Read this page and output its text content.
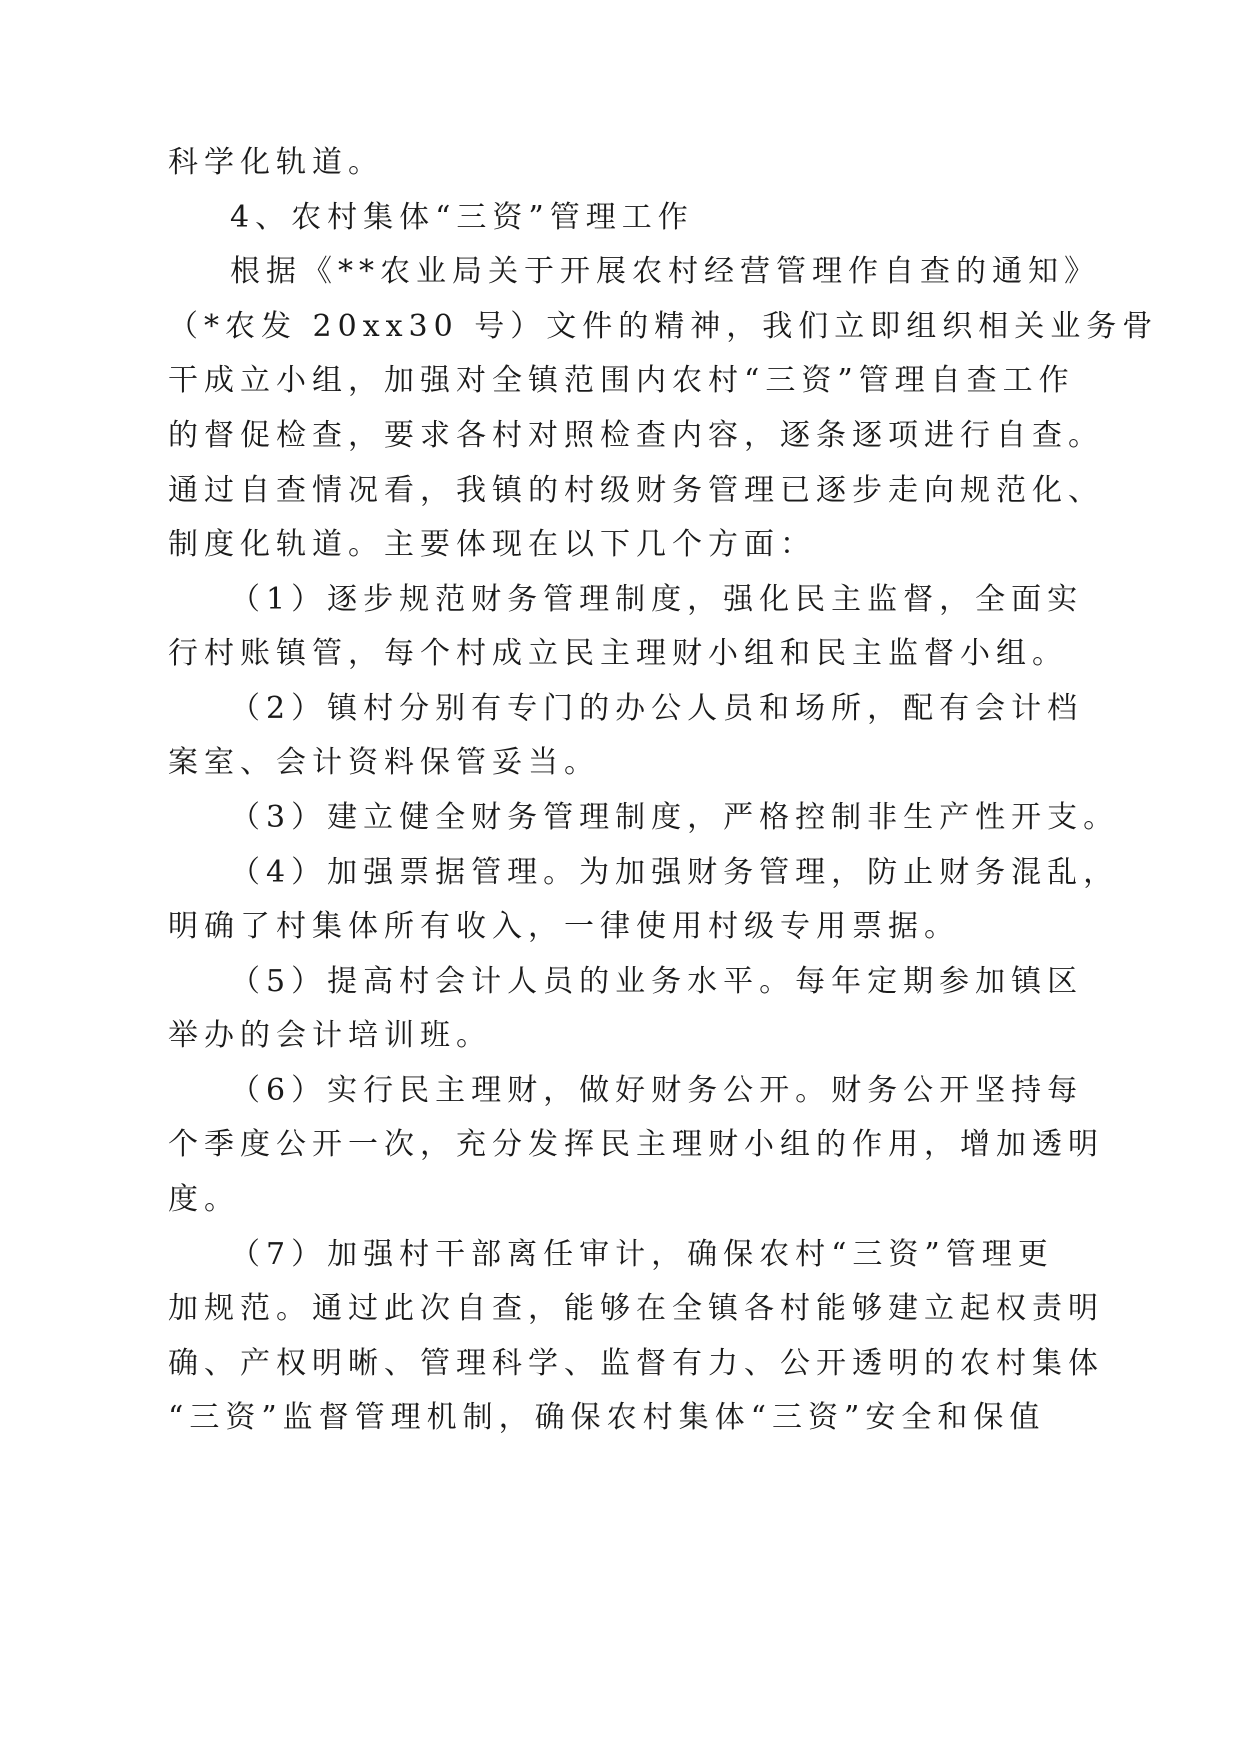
科学化轨道。
4、农村集体“三资”管理工作
根据《**农业局关于开展农村经营管理作自查的通知》
（*农发 20xx30 号）文件的精神，我们立即组织相关业务骨
干成立小组，加强对全镇范围内农村“三资”管理自查工作
的督促检查，要求各村对照检查内容，逐条逐项进行自查。
通过自查情况看，我镇的村级财务管理已逐步走向规范化、
制度化轨道。主要体现在以下几个方面：
（1）逐步规范财务管理制度，强化民主监督，全面实
行村账镇管，每个村成立民主理财小组和民主监督小组。
（2）镇村分别有专门的办公人员和场所，配有会计档
案室、会计资料保管妥当。
（3）建立健全财务管理制度，严格控制非生产性开支。
（4）加强票据管理。为加强财务管理，防止财务混乱，
明确了村集体所有收入，一律使用村级专用票据。
（5）提高村会计人员的业务水平。每年定期参加镇区
举办的会计培训班。
（6）实行民主理财，做好财务公开。财务公开坚持每
个季度公开一次，充分发挥民主理财小组的作用，增加透明
度。
（7）加强村干部离任审计，确保农村“三资”管理更
加规范。通过此次自查，能够在全镇各村能够建立起权责明
确、产权明晰、管理科学、监督有力、公开透明的农村集体
“三资”监督管理机制，确保农村集体“三资”安全和保值
